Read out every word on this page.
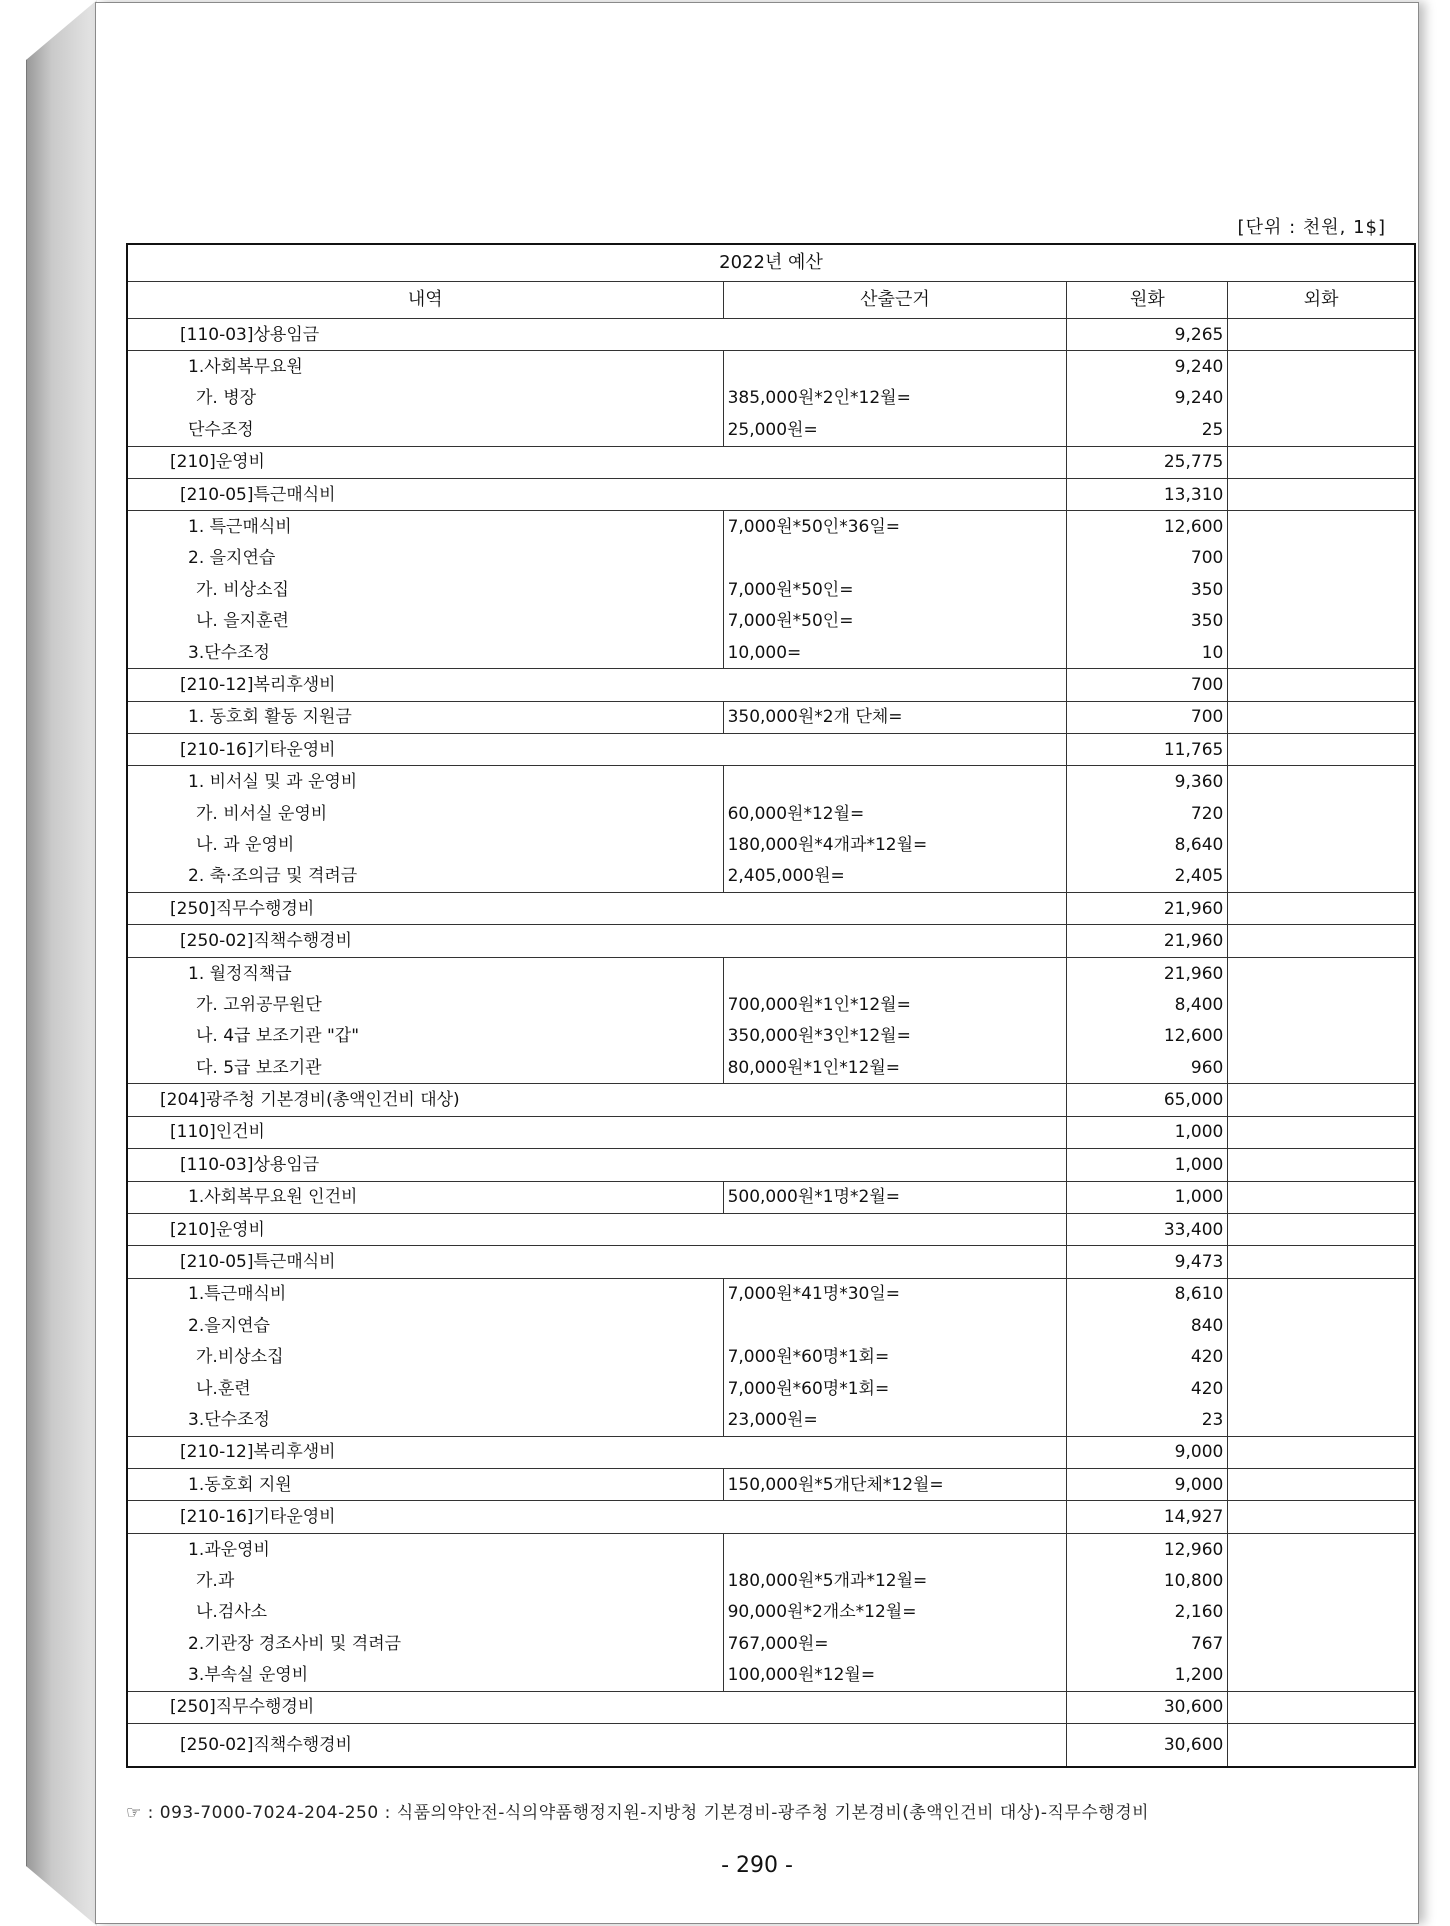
[단위 : 천원, 1$]
2022년 예산			
내역	산출근거	원화	외화
[110-03]상용임금		9,265	
1.사회복무요원		9,240	
가. 병장	385,000원*2인*12월=	9,240	
단수조정	25,000원=	25	
[210]운영비		25,775	
[210-05]특근매식비		13,310	
1. 특근매식비	7,000원*50인*36일=	12,600	
2. 을지연습		700	
가. 비상소집	7,000원*50인=	350	
나. 을지훈련	7,000원*50인=	350	
3.단수조정	10,000=	10	
[210-12]복리후생비		700	
1. 동호회 활동 지원금	350,000원*2개 단체=	700	
[210-16]기타운영비		11,765	
1. 비서실 및 과 운영비		9,360	
가. 비서실 운영비	60,000원*12월=	720	
나. 과 운영비	180,000원*4개과*12월=	8,640	
2. 축·조의금 및 격려금	2,405,000원=	2,405	
[250]직무수행경비		21,960	
[250-02]직책수행경비		21,960	
1. 월정직책급		21,960	
가. 고위공무원단	700,000원*1인*12월=	8,400	
나. 4급 보조기관 "갑"	350,000원*3인*12월=	12,600	
다. 5급 보조기관	80,000원*1인*12월=	960	
[204]광주청 기본경비(총액인건비 대상)		65,000	
[110]인건비		1,000	
[110-03]상용임금		1,000	
1.사회복무요원 인건비	500,000원*1명*2월=	1,000	
[210]운영비		33,400	
[210-05]특근매식비		9,473	
1.특근매식비	7,000원*41명*30일=	8,610	
2.을지연습		840	
가.비상소집	7,000원*60명*1회=	420	
나.훈련	7,000원*60명*1회=	420	
3.단수조정	23,000원=	23	
[210-12]복리후생비		9,000	
1.동호회 지원	150,000원*5개단체*12월=	9,000	
[210-16]기타운영비		14,927	
1.과운영비		12,960	
가.과	180,000원*5개과*12월=	10,800	
나.검사소	90,000원*2개소*12월=	2,160	
2.기관장 경조사비 및 격려금	767,000원=	767	
3.부속실 운영비	100,000원*12월=	1,200	
[250]직무수행경비		30,600	
[250-02]직책수행경비		30,600	
☞ : 093-7000-7024-204-250 : 식품의약안전-식의약품행정지원-지방청 기본경비-광주청 기본경비(총액인건비 대상)-직무수행경비
- 290 -
